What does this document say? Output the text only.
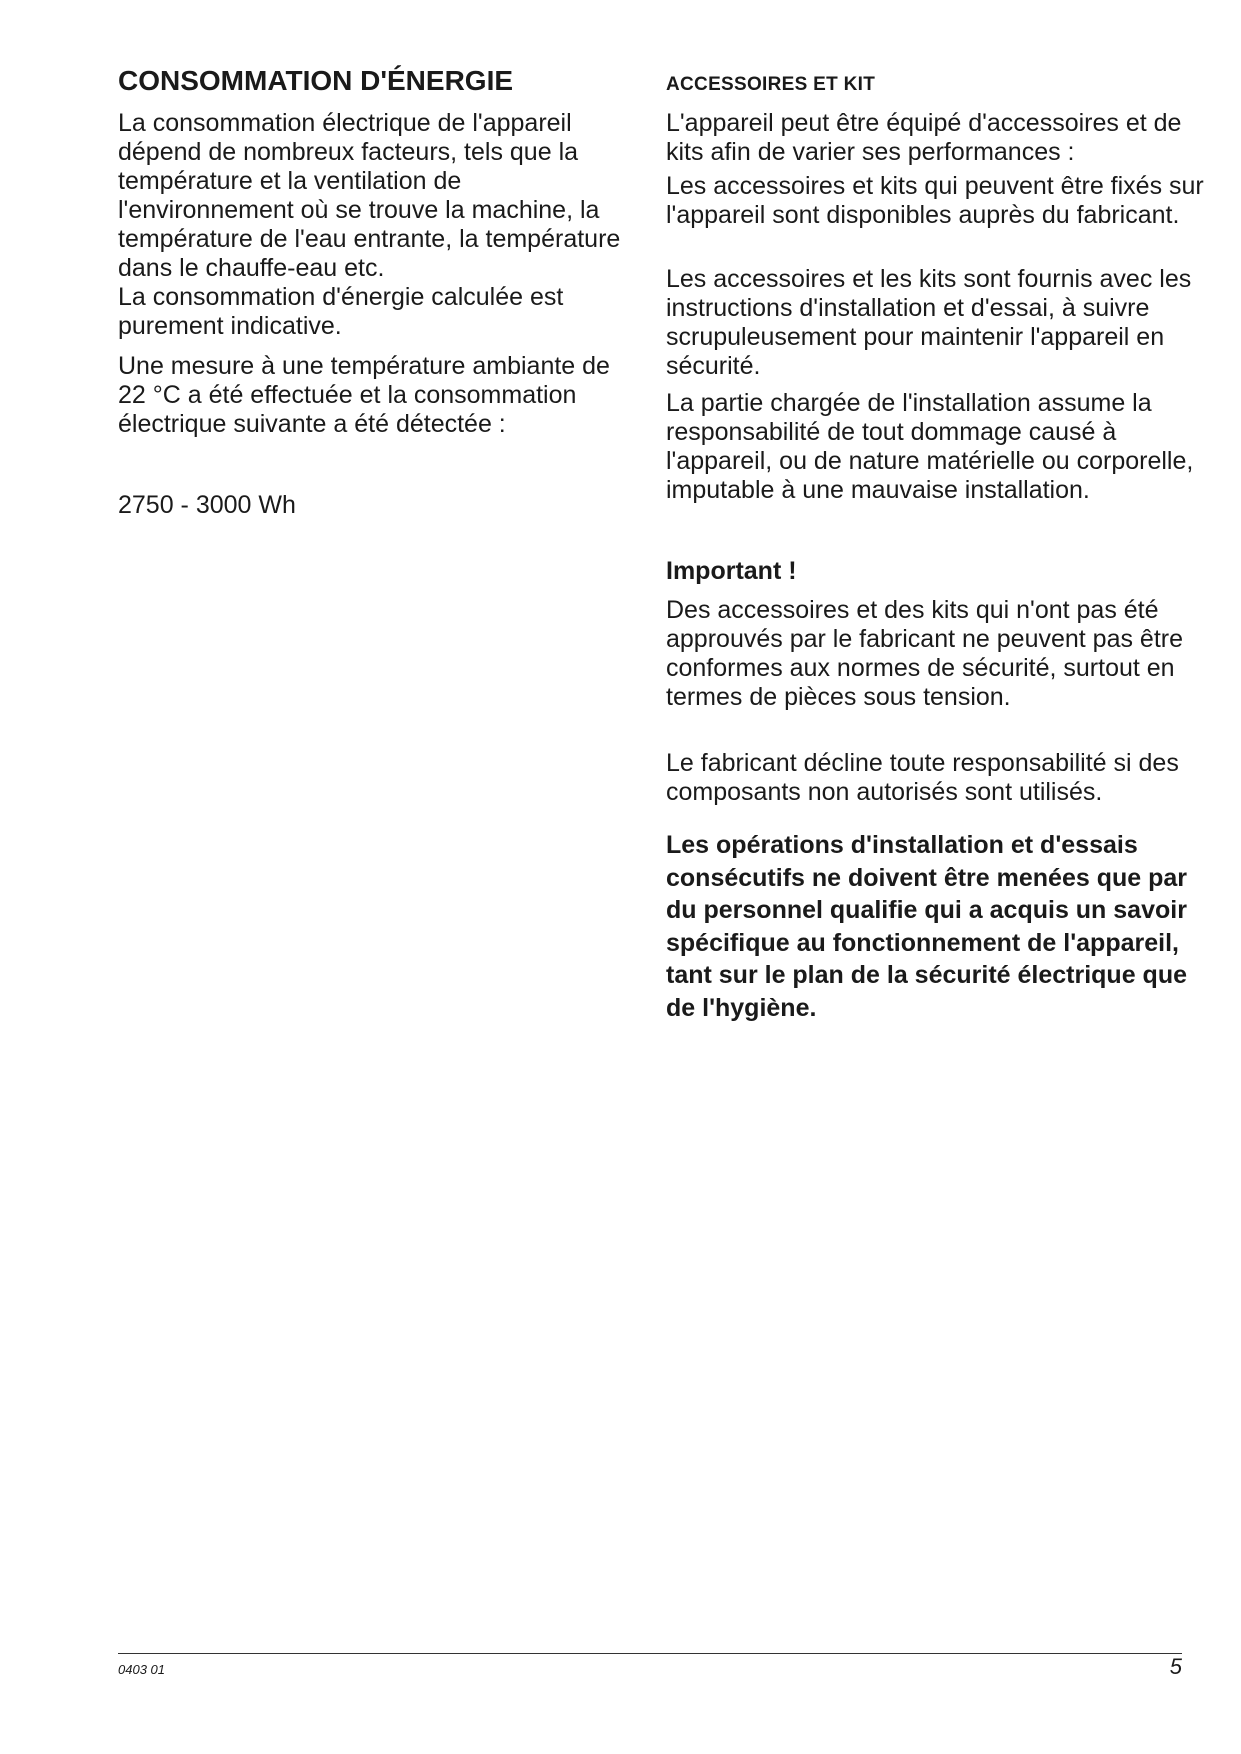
CONSOMMATION D'ÉNERGIE

La consommation électrique de l'appareil dépend de nombreux facteurs, tels que la température et la ventilation de l'environnement où se trouve la machine, la température de l'eau entrante, la température dans le chauffe-eau etc.

La consommation d'énergie calculée est purement indicative.

Une mesure à une température ambiante de 22 °C a été effectuée et la consommation électrique suivante a été détectée :

2750 - 3000 Wh

ACCESSOIRES ET KIT

L'appareil peut être équipé d'accessoires et de kits afin de varier ses performances :

Les accessoires et kits qui peuvent être fixés sur l'appareil sont disponibles auprès du fabricant.

Les accessoires et les kits sont fournis avec les instructions d'installation et d'essai, à suivre scrupuleusement pour maintenir l'appareil en sécurité.

La partie chargée de l'installation assume la responsabilité de tout dommage causé à l'appareil, ou de nature matérielle ou corporelle, imputable à une mauvaise installation.

Important !

Des accessoires et des kits qui n'ont pas été approuvés par le fabricant ne peuvent pas être conformes aux normes de sécurité, surtout en termes de pièces sous tension.

Le fabricant décline toute responsabilité si des composants non autorisés sont utilisés.

Les opérations d'installation et d'essais consécutifs ne doivent être menées que par du personnel qualifie qui a acquis un savoir spécifique au fonctionnement de l'appareil, tant sur le plan de la sécurité électrique que de l'hygiène.

0403 01	5
